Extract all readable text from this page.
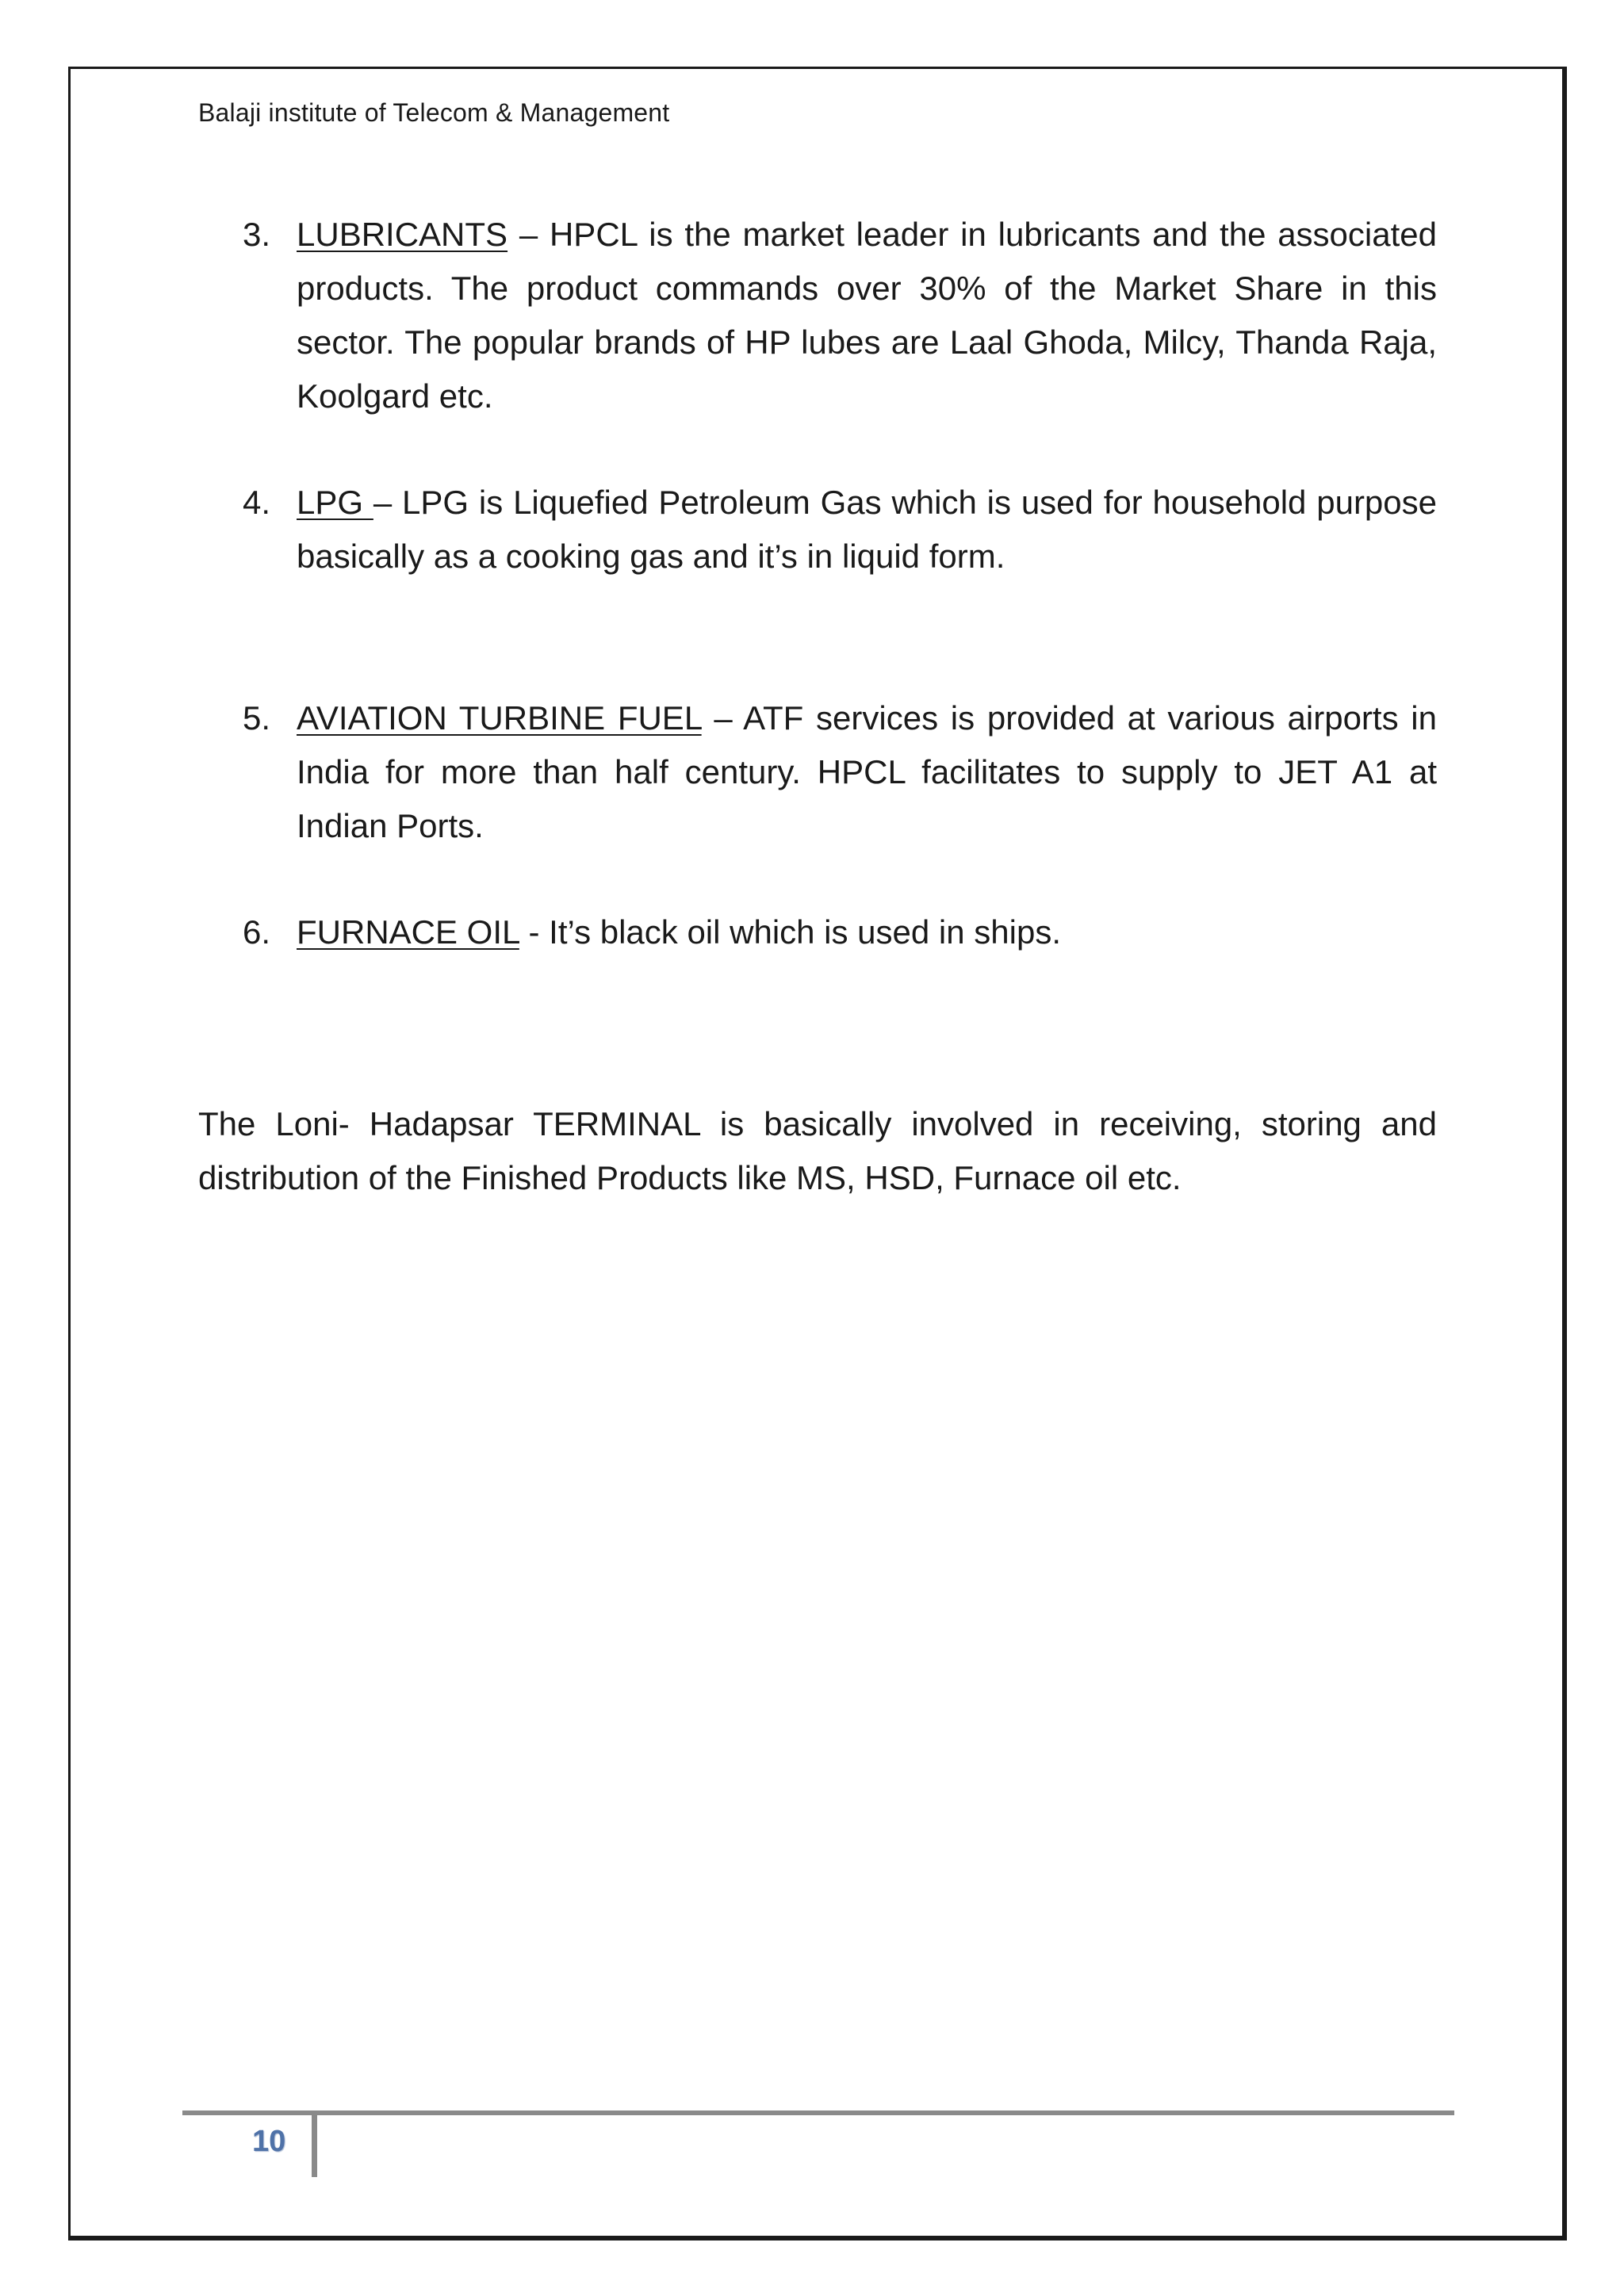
Balaji institute of Telecom & Management
3. LUBRICANTS – HPCL is the market leader in lubricants and the associated products. The product commands over 30% of the Market Share in this sector. The popular brands of HP lubes are Laal Ghoda, Milcy, Thanda Raja, Koolgard etc.
4. LPG – LPG is Liquefied Petroleum Gas which is used for household purpose basically as a cooking gas and it’s in liquid form.
5. AVIATION TURBINE FUEL – ATF services is provided at various airports in India for more than half century. HPCL facilitates to supply to JET A1 at Indian Ports.
6. FURNACE OIL - It’s black oil which is used in ships.

The Loni- Hadapsar TERMINAL is basically involved in receiving, storing and distribution of the Finished Products like MS, HSD, Furnace oil etc.

10
